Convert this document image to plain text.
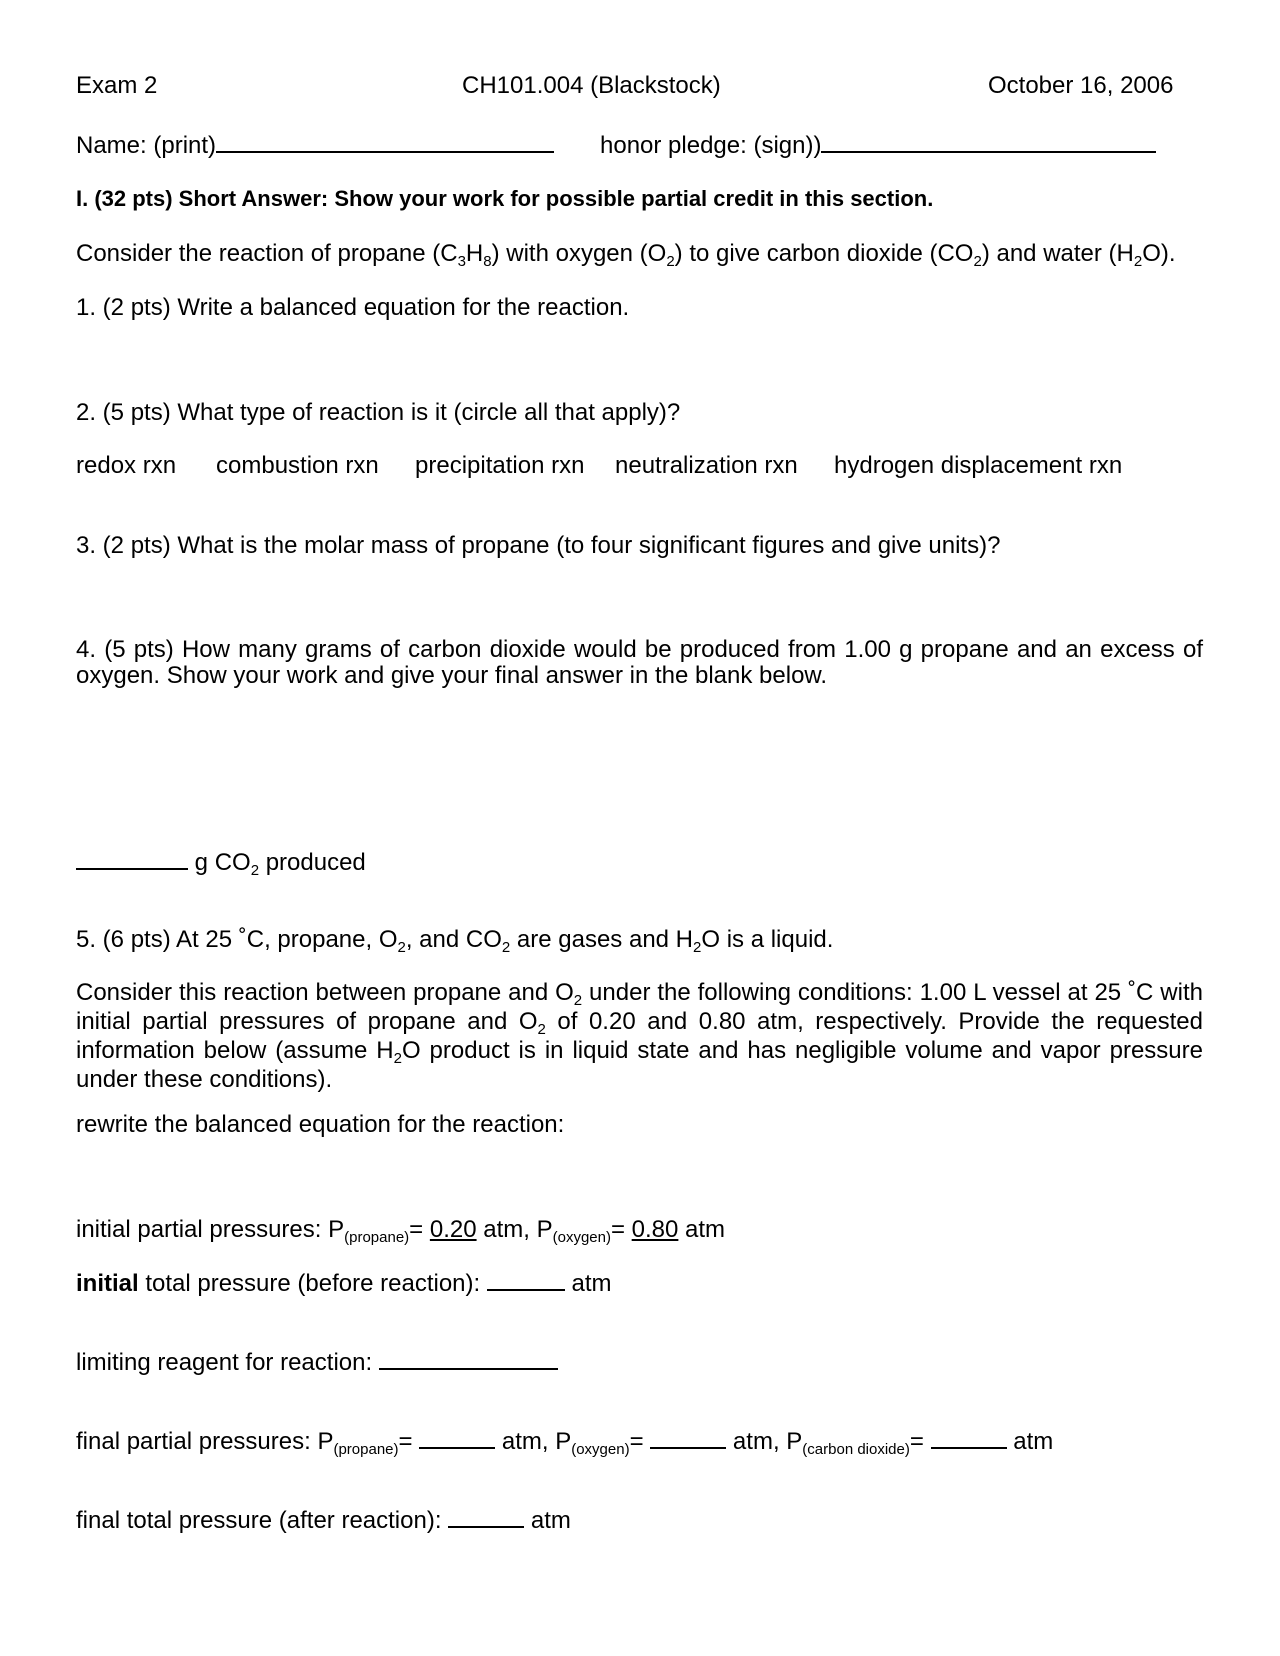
Exam 2	CH101.004 (Blackstock)	October 16, 2006
Name: (print)	honor pledge: (sign))
I. (32 pts) Short Answer: Show your work for possible partial credit in this section.
Consider the reaction of propane $(C_3H_8)$ with oxygen $(O_2)$ to give carbon dioxide $(CO_2)$ and water $(H_2O)$.
1. (2 pts) Write a balanced equation for the reaction.
2. (5 pts) What type of reaction is it (circle all that apply)?
redox rxn combustion rxn precipitation rxn neutralization rxn hydrogen displacement rxn
3. (2 pts) What is the molar mass of propane (to four significant figures and give units)?
4. (5 pts) How many grams of carbon dioxide would be produced from 1.00 g propane and an excess of oxygen. Show your work and give your final answer in the blank below.
g $CO_2$ produced
5. (6 pts) At 25 ˚C, propane, $O_2$, and $CO_2$ are gases and $H_2O$ is a liquid.
Consider this reaction between propane and $O_2$ under the following conditions: 1.00 L vessel at 25 ˚C with initial partial pressures of propane and $O_2$ of 0.20 and 0.80 atm, respectively. Provide the requested information below (assume $H_2O$ product is in liquid state and has negligible volume and vapor pressure under these conditions).
rewrite the balanced equation for the reaction:
initial partial pressures: $P_{(propane)}= 0.20$ atm, $P_{(oxygen)}= 0.80$ atm
initial total pressure (before reaction):	atm
limiting reagent for reaction:
final partial pressures: $P_{(propane)}=$	atm, $P_{(oxygen)}=$	atm, $P_{(carbon dioxide)}=$	atm
final total pressure (after reaction):	atm
